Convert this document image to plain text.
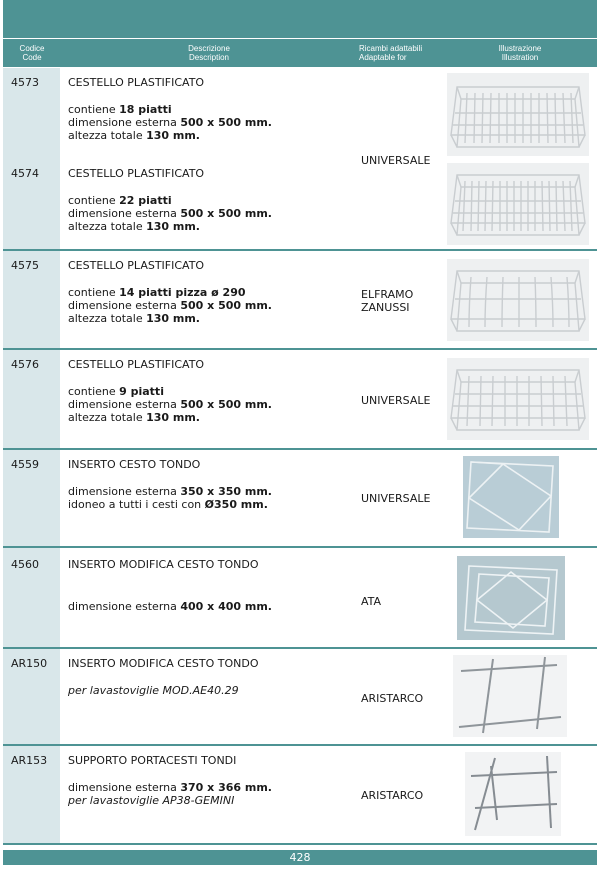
Codice
Code
Descrizione
Description
Ricambi adattabili
Adaptable for
Illustrazione
Illustration
4573	CESTELLO PLASTIFICATO
contiene 18 piatti
dimensione esterna 500 x 500 mm.
altezza totale 130 mm.
4574	CESTELLO PLASTIFICATO
contiene 22 piatti
dimensione esterna 500 x 500 mm.
altezza totale 130 mm.
UNIVERSALE
4575	CESTELLO PLASTIFICATO
contiene 14 piatti pizza ø 290
dimensione esterna 500 x 500 mm.
altezza totale 130 mm.
ELFRAMO
ZANUSSI
4576	CESTELLO PLASTIFICATO
contiene 9 piatti
dimensione esterna 500 x 500 mm.
altezza totale 130 mm.
UNIVERSALE
4559	INSERTO CESTO TONDO
dimensione esterna 350 x 350 mm.
idoneo a tutti i cesti con Ø350 mm.	UNIVERSALE
4560	INSERTO MODIFICA CESTO TONDO
dimensione esterna 400 x 400 mm.	ATA
AR150 INSERTO MODIFICA CESTO TONDO
per lavastoviglie MOD.AE40.29
ARISTARCO
AR153 SUPPORTO PORTACESTI TONDI
dimensione esterna 370 x 366 mm.
per lavastoviglie AP38-GEMINI	ARISTARCO
428
